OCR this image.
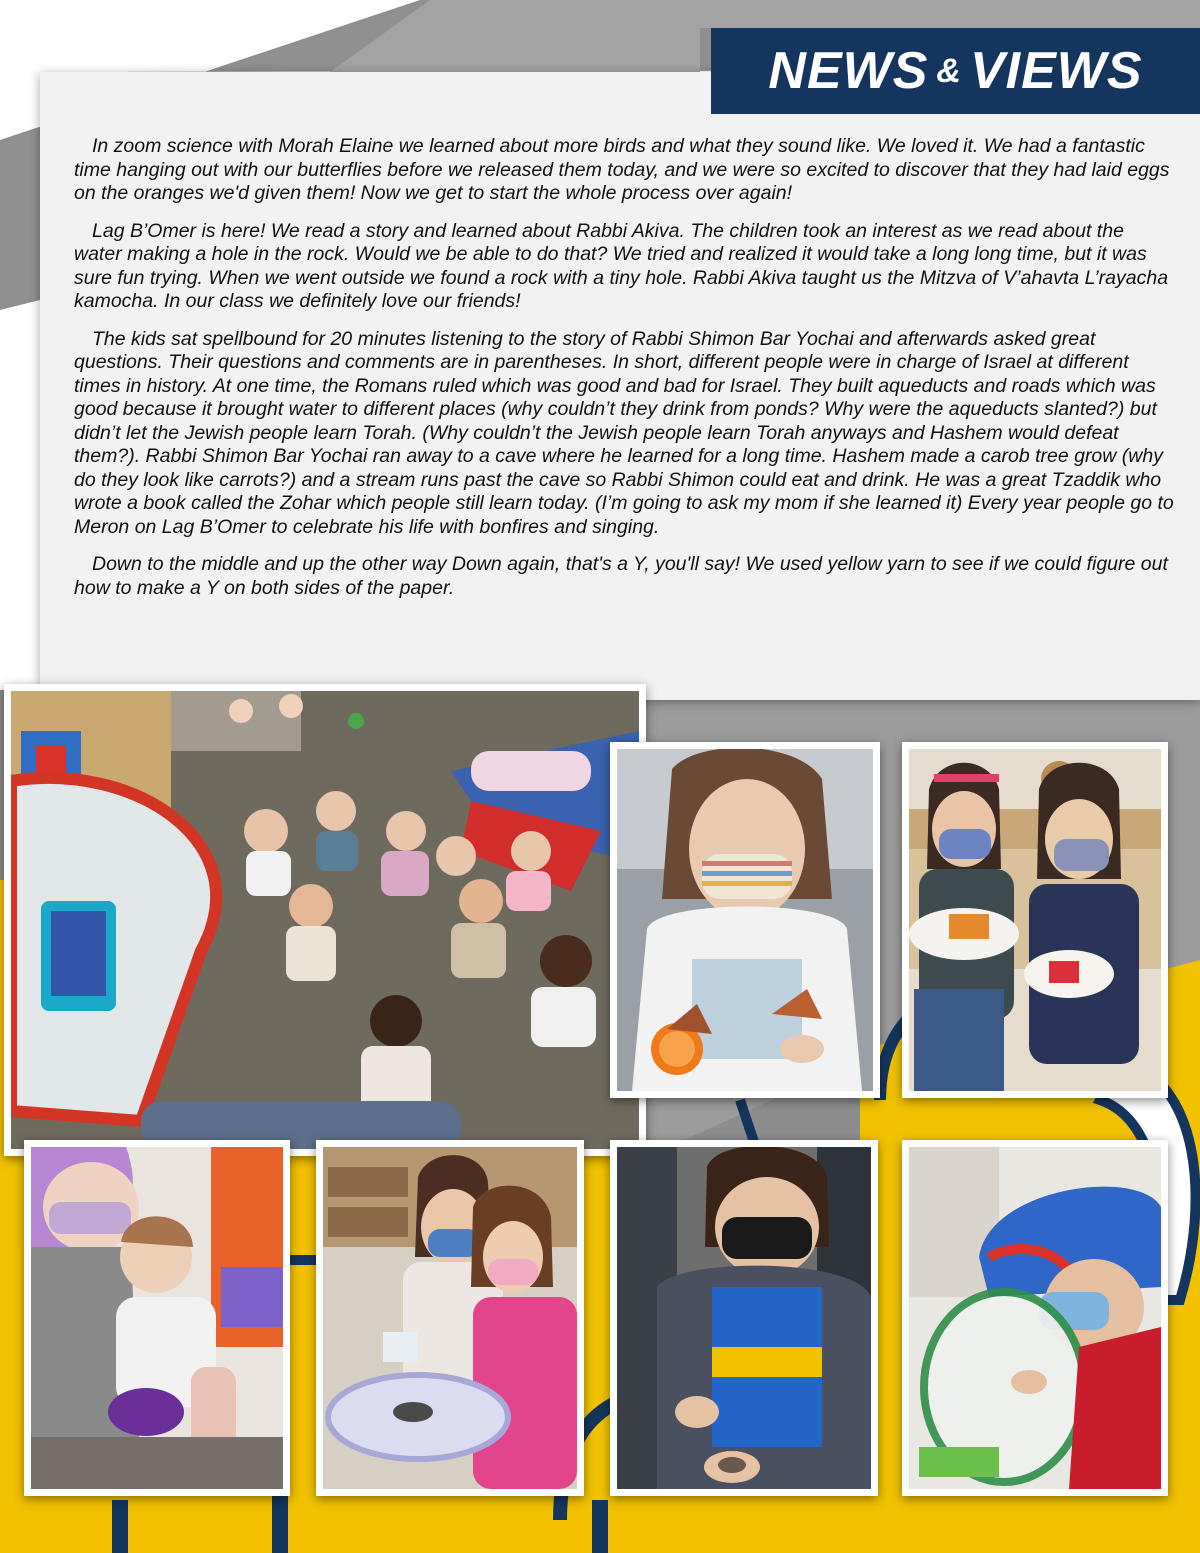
NEWS & VIEWS

In zoom science with Morah Elaine we learned about more birds and what they sound like. We loved it. We had a fantastic time hanging out with our butterflies before we released them today, and we were so excited to discover that they had laid eggs on the oranges we'd given them! Now we get to start the whole process over again!

Lag B’Omer is here! We read a story and learned about Rabbi Akiva. The children took an interest as we read about the water making a hole in the rock. Would we be able to do that? We tried and realized it would take a long long time, but it was sure fun trying. When we went outside we found a rock with a tiny hole. Rabbi Akiva taught us the Mitzva of V’ahavta L’rayacha kamocha. In our class we definitely love our friends!

The kids sat spellbound for 20 minutes listening to the story of Rabbi Shimon Bar Yochai and afterwards asked great questions. Their questions and comments are in parentheses. In short, different people were in charge of Israel at different times in history. At one time, the Romans ruled which was good and bad for Israel. They built aqueducts and roads which was good because it brought water to different places (why couldn’t they drink from ponds? Why were the aqueducts slanted?) but didn’t let the Jewish people learn Torah. (Why couldn’t the Jewish people learn Torah anyways and Hashem would defeat them?). Rabbi Shimon Bar Yochai ran away to a cave where he learned for a long time. Hashem made a carob tree grow (why do they look like carrots?) and a stream runs past the cave so Rabbi Shimon could eat and drink. He was a great Tzaddik who wrote a book called the Zohar which people still learn today. (I’m going to ask my mom if she learned it) Every year people go to Meron on Lag B’Omer to celebrate his life with bonfires and singing.

Down to the middle and up the other way Down again, that's a Y, you'll say! We used yellow yarn to see if we could figure out how to make a Y on both sides of the paper.
